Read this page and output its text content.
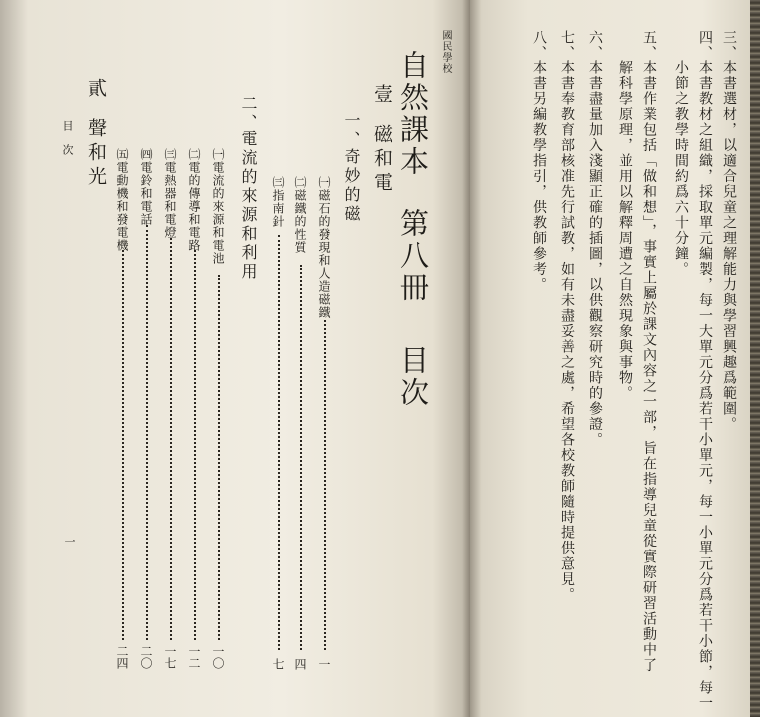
國民學校
自然課本
第八冊
目次
壹
磁和電
一、
奇妙的磁
㈠磁石的發現和人造磁鐵
一
㈡磁鐵的性質
四
㈢指南針
七
二、
電流的來源和利用
㈠電流的來源和電池
一〇
㈡電的傳導和電路
一二
㈢電熱器和電燈
一七
㈣電鈴和電話
二〇
㈤電動機和發電機
二四
貳
聲和光
目　次
一
三、
本書選材，以適合兒童之理解能力與學習興趣爲範圍。
四、
本書教材之組織，採取單元編製，每一大單元分爲若干小單元，每一小單元分爲若干小節，每一
小節之教學時間約爲六十分鐘。
五、
本書作業包括「做和想」，事實上屬於課文內容之一部，旨在指導兒童從實際研習活動中了
解科學原理，並用以解釋周遭之自然現象與事物。
六、
本書盡量加入淺顯正確的插圖，以供觀察研究時的參證。
七、
本書奉教育部核准先行試教，如有未盡妥善之處，希望各校教師隨時提供意見。
八、
本書另編教學指引，供教師參考。
